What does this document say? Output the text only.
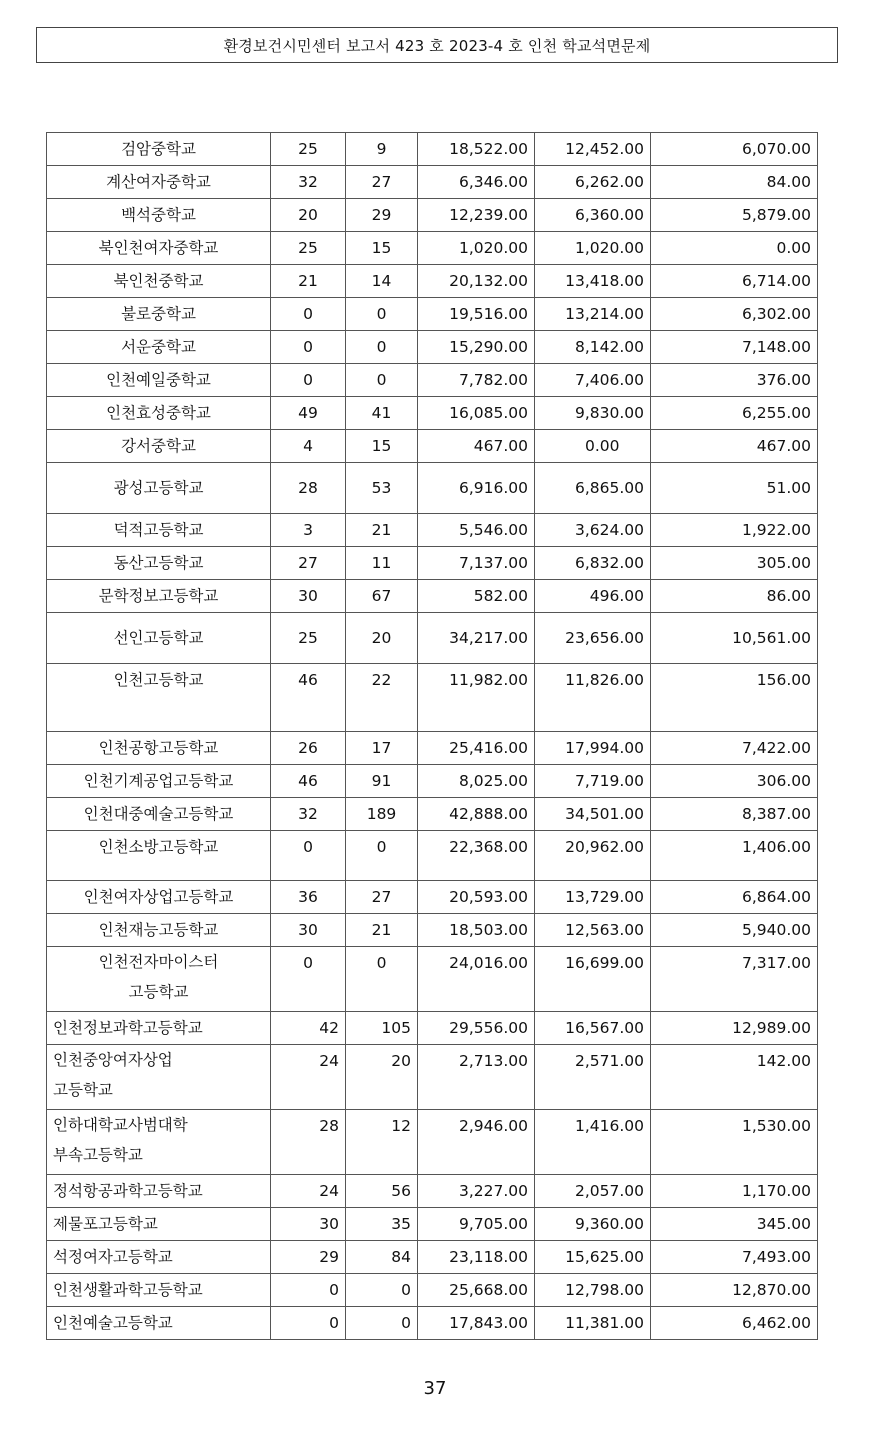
환경보건시민센터 보고서 423 호 2023-4 호 인천 학교석면문제
검암중학교	25	9	18,522.00	12,452.00	6,070.00
계산여자중학교	32	27	6,346.00	6,262.00	84.00
백석중학교	20	29	12,239.00	6,360.00	5,879.00
북인천여자중학교	25	15	1,020.00	1,020.00	0.00
북인천중학교	21	14	20,132.00	13,418.00	6,714.00
불로중학교	0	0	19,516.00	13,214.00	6,302.00
서운중학교	0	0	15,290.00	8,142.00	7,148.00
인천예일중학교	0	0	7,782.00	7,406.00	376.00
인천효성중학교	49	41	16,085.00	9,830.00	6,255.00
강서중학교	4	15	467.00	0.00	467.00
광성고등학교	28	53	6,916.00	6,865.00	51.00
덕적고등학교	3	21	5,546.00	3,624.00	1,922.00
동산고등학교	27	11	7,137.00	6,832.00	305.00
문학정보고등학교	30	67	582.00	496.00	86.00
선인고등학교	25	20	34,217.00	23,656.00	10,561.00
인천고등학교	46	22	11,982.00	11,826.00	156.00
인천공항고등학교	26	17	25,416.00	17,994.00	7,422.00
인천기계공업고등학교	46	91	8,025.00	7,719.00	306.00
인천대중예술고등학교	32	189	42,888.00	34,501.00	8,387.00
인천소방고등학교	0	0	22,368.00	20,962.00	1,406.00
인천여자상업고등학교	36	27	20,593.00	13,729.00	6,864.00
인천재능고등학교	30	21	18,503.00	12,563.00	5,940.00

인천전자마이스터
고등학교	0	0	24,016.00	16,699.00	7,317.00
인천정보과학고등학교	42	105	29,556.00	16,567.00	12,989.00

인천중앙여자상업
고등학교	24	20	2,713.00	2,571.00	142.00

인하대학교사범대학
부속고등학교	28	12	2,946.00	1,416.00	1,530.00
정석항공과학고등학교	24	56	3,227.00	2,057.00	1,170.00
제물포고등학교	30	35	9,705.00	9,360.00	345.00
석정여자고등학교	29	84	23,118.00	15,625.00	7,493.00
인천생활과학고등학교	0	0	25,668.00	12,798.00	12,870.00
인천예술고등학교	0	0	17,843.00	11,381.00	6,462.00
37
